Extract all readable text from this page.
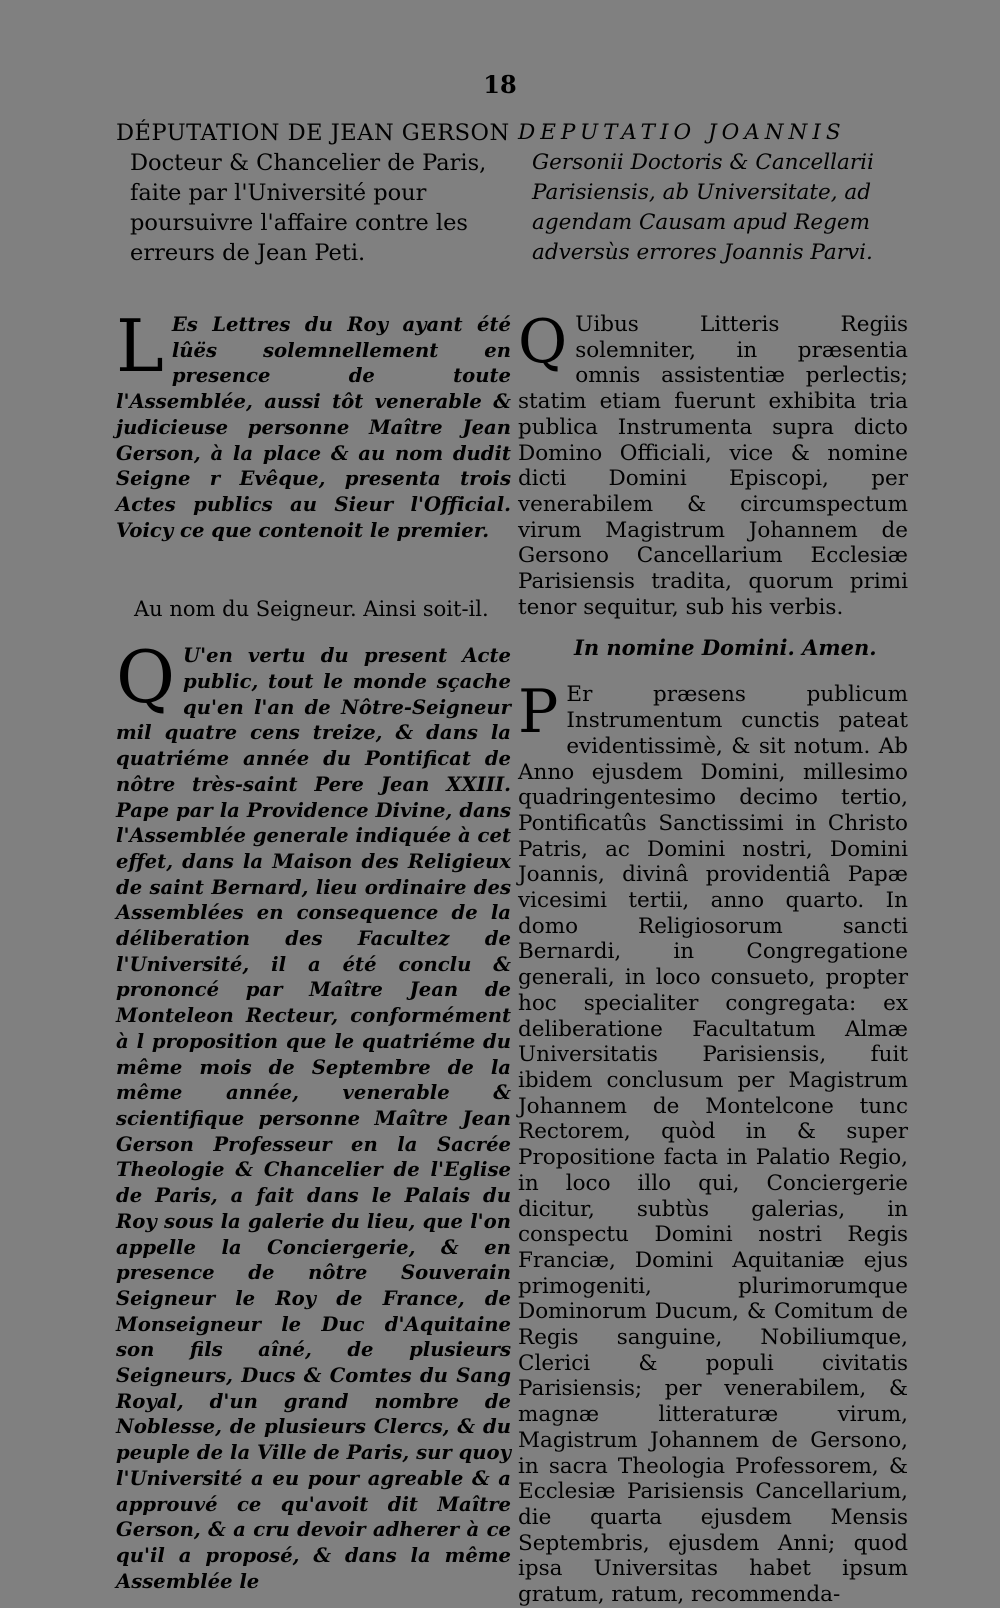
18
DÉPUTATION DE JEAN GERSON
Docteur & Chancelier de Paris, faite par l'Université pour poursuivre l'affaire contre les erreurs de Jean Peti.

L Es Lettres du Roy ayant été lûës solemnellement en presence de toute l'Assemblée, aussi tôt venerable & judicieuse personne Maître Jean Gerson, à la place & au nom dudit Seigne r Evêque, presenta trois Actes publics au Sieur l'Official. Voicy ce que contenoit le premier.

Au nom du Seigneur. Ainsi soit-il.

Q U'en vertu du present Acte public, tout le monde sçache qu'en l'an de Nôtre-Seigneur mil quatre cens treize, & dans la quatriéme année du Pontificat de nôtre très-saint Pere Jean XXIII. Pape par la Providence Divine, dans l'Assemblée generale indiquée à cet effet, dans la Maison des Religieux de saint Bernard, lieu ordinaire des Assemblées en consequence de la déliberation des Facultez de l'Université, il a été conclu & prononcé par Maître Jean de Monteleon Recteur, conformément à l proposition que le quatriéme du même mois de Septembre de la même année, venerable & scientifique personne Maître Jean Gerson Professeur en la Sacrée Theologie & Chancelier de l'Eglise de Paris, a fait dans le Palais du Roy sous la galerie du lieu, que l'on appelle la Conciergerie, & en presence de nôtre Souverain Seigneur le Roy de France, de Monseigneur le Duc d'Aquitaine son fils aîné, de plusieurs Seigneurs, Ducs & Comtes du Sang Royal, d'un grand nombre de Noblesse, de plusieurs Clercs, & du peuple de la Ville de Paris, sur quoy l'Université a eu pour agreable & a approuvé ce qu'avoit dit Maître Gerson, & a cru devoir adherer à ce qu'il a proposé, & dans la même Assemblée le

DEPUTATIO JOANNIS
Gersonii Doctoris & Cancellarii Parisiensis, ab Universitate, ad agendam Causam apud Regem adversùs errores Joannis Parvi.

Q Uibus Litteris Regiis solemniter, in præsentia omnis assistentiæ perlectis; statim etiam fuerunt exhibita tria publica Instrumenta supra dicto Domino Officiali, vice & nomine dicti Domini Episcopi, per venerabilem & circumspectum virum Magistrum Johannem de Gersono Cancellarium Ecclesiæ Parisiensis tradita, quorum primi tenor sequitur, sub his verbis.

In nomine Domini. Amen.

P Er præsens publicum Instrumentum cunctis pateat evidentissimè, & sit notum. Ab Anno ejusdem Domini, millesimo quadringentesimo decimo tertio, Pontificatûs Sanctissimi in Christo Patris, ac Domini nostri, Domini Joannis, divinâ providentiâ Papæ vicesimi tertii, anno quarto. In domo Religiosorum sancti Bernardi, in Congregatione generali, in loco consueto, propter hoc specialiter congregata: ex deliberatione Facultatum Almæ Universitatis Parisiensis, fuit ibidem conclusum per Magistrum Johannem de Montelcone tunc Rectorem, quòd in & super Propositione facta in Palatio Regio, in loco illo qui, Conciergerie dicitur, subtùs galerias, in conspectu Domini nostri Regis Franciæ, Domini Aquitaniæ ejus primogeniti, plurimorumque Dominorum Ducum, & Comitum de Regis sanguine, Nobiliumque, Clerici & populi civitatis Parisiensis; per venerabilem, & magnæ litteraturæ virum, Magistrum Johannem de Gersono, in sacra Theologia Professorem, & Ecclesiæ Parisiensis Cancellarium, die quarta ejusdem Mensis Septembris, ejusdem Anni; quod ipsa Universitas habet ipsum gratum, ratum, recommenda-
